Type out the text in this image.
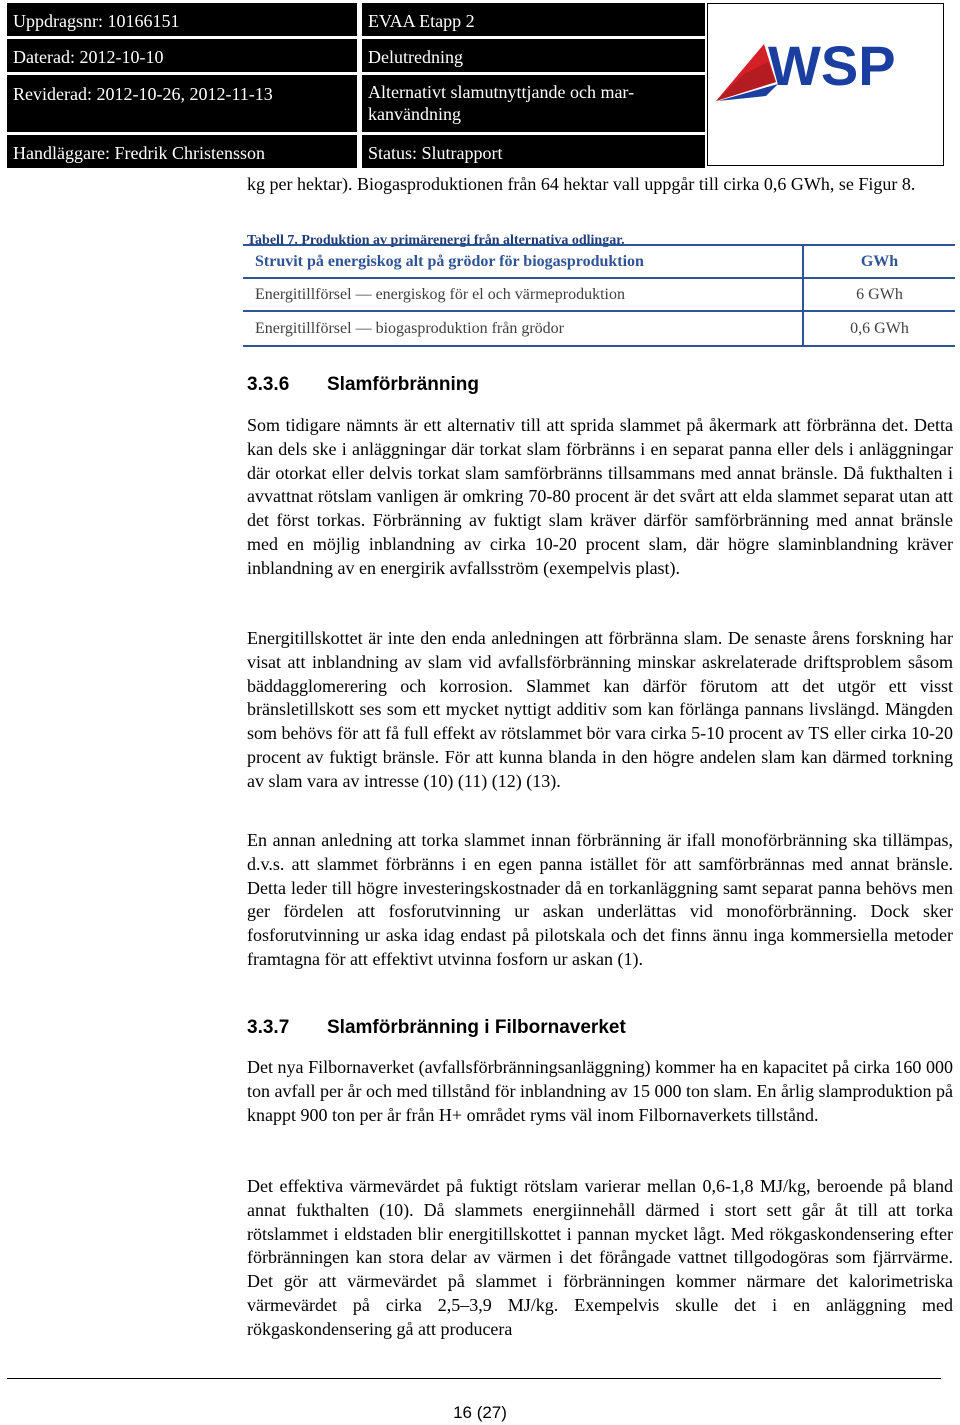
Uppdragsnr: 10166151	EVAA Etapp 2
Daterad: 2012-10-10	Delutredning
Reviderad: 2012-10-26, 2012-11-13	Alternativt slamutnyttjande och mar-kanvändning
Handläggare: Fredrik Christensson	Status: Slutrapport
WSP
kg per hektar). Biogasproduktionen från 64 hektar vall uppgår till cirka 0,6 GWh, se Figur 8.
Tabell 7. Produktion av primärenergi från alternativa odlingar.
Struvit på energiskog alt på grödor för biogasproduktion	GWh
Energitillförsel — energiskog för el och värmeproduktion	6 GWh
Energitillförsel — biogasproduktion från grödor	0,6 GWh
3.3.6 Slamförbränning
Som tidigare nämnts är ett alternativ till att sprida slammet på åkermark att förbränna det. Detta kan dels ske i anläggningar där torkat slam förbränns i en separat panna eller dels i anläggningar där otorkat eller delvis torkat slam samförbränns tillsammans med annat bränsle. Då fukthalten i avvattnat rötslam vanligen är omkring 70-80 procent är det svårt att elda slammet separat utan att det först torkas. Förbränning av fuktigt slam kräver därför samförbränning med annat bränsle med en möjlig inblandning av cirka 10-20 procent slam, där högre slaminblandning kräver inblandning av en energirik avfallsström (exempelvis plast).
Energitillskottet är inte den enda anledningen att förbränna slam. De senaste årens forskning har visat att inblandning av slam vid avfallsförbränning minskar askrelaterade driftsproblem såsom bäddagglomerering och korrosion. Slammet kan därför förutom att det utgör ett visst bränsletillskott ses som ett mycket nyttigt additiv som kan förlänga pannans livslängd. Mängden som behövs för att få full effekt av rötslammet bör vara cirka 5-10 procent av TS eller cirka 10-20 procent av fuktigt bränsle. För att kunna blanda in den högre andelen slam kan därmed torkning av slam vara av intresse (10) (11) (12) (13).
En annan anledning att torka slammet innan förbränning är ifall monoförbränning ska tillämpas, d.v.s. att slammet förbränns i en egen panna istället för att samförbrännas med annat bränsle. Detta leder till högre investeringskostnader då en torkanläggning samt separat panna behövs men ger fördelen att fosforutvinning ur askan underlättas vid monoförbränning. Dock sker fosforutvinning ur aska idag endast på pilotskala och det finns ännu inga kommersiella metoder framtagna för att effektivt utvinna fosforn ur askan (1).
3.3.7 Slamförbränning i Filbornaverket
Det nya Filbornaverket (avfallsförbränningsanläggning) kommer ha en kapacitet på cirka 160 000 ton avfall per år och med tillstånd för inblandning av 15 000 ton slam. En årlig slamproduktion på knappt 900 ton per år från H+ området ryms väl inom Filbornaverkets tillstånd.
Det effektiva värmevärdet på fuktigt rötslam varierar mellan 0,6-1,8 MJ/kg, beroende på bland annat fukthalten (10). Då slammets energiinnehåll därmed i stort sett går åt till att torka rötslammet i eldstaden blir energitillskottet i pannan mycket lågt. Med rökgaskondensering efter förbränningen kan stora delar av värmen i det förångade vattnet tillgodogöras som fjärrvärme. Det gör att värmevärdet på slammet i förbränningen kommer närmare det kalorimetriska värmevärdet på cirka 2,5–3,9 MJ/kg. Exempelvis skulle det i en anläggning med rökgaskondensering gå att producera
16 (27)
